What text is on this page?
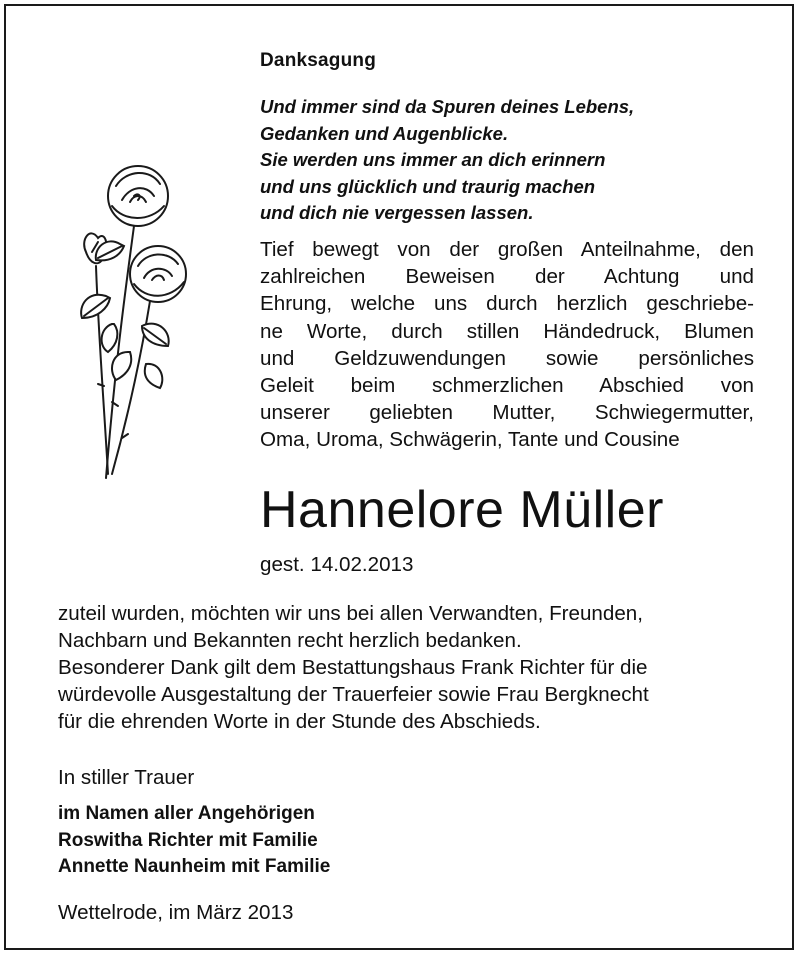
Danksagung
Und immer sind da Spuren deines Lebens,
Gedanken und Augenblicke.
Sie werden uns immer an dich erinnern
und uns glücklich und traurig machen
und dich nie vergessen lassen.
Tief bewegt von der großen Anteilnahme, den
zahlreichen Beweisen der Achtung und
Ehrung, welche uns durch herzlich geschriebe-
ne Worte, durch stillen Händedruck, Blumen
und Geldzuwendungen sowie persönliches
Geleit beim schmerzlichen Abschied von
unserer geliebten Mutter, Schwiegermutter,
Oma, Uroma, Schwägerin, Tante und Cousine
Hannelore Müller
gest. 14.02.2013
zuteil wurden, möchten wir uns bei allen Verwandten, Freunden,
Nachbarn und Bekannten recht herzlich bedanken.
Besonderer Dank gilt dem Bestattungshaus Frank Richter für die
würdevolle Ausgestaltung der Trauerfeier sowie Frau Bergknecht
für die ehrenden Worte in der Stunde des Abschieds.
In stiller Trauer
im Namen aller Angehörigen
Roswitha Richter mit Familie
Annette Naunheim mit Familie
Wettelrode, im März 2013
